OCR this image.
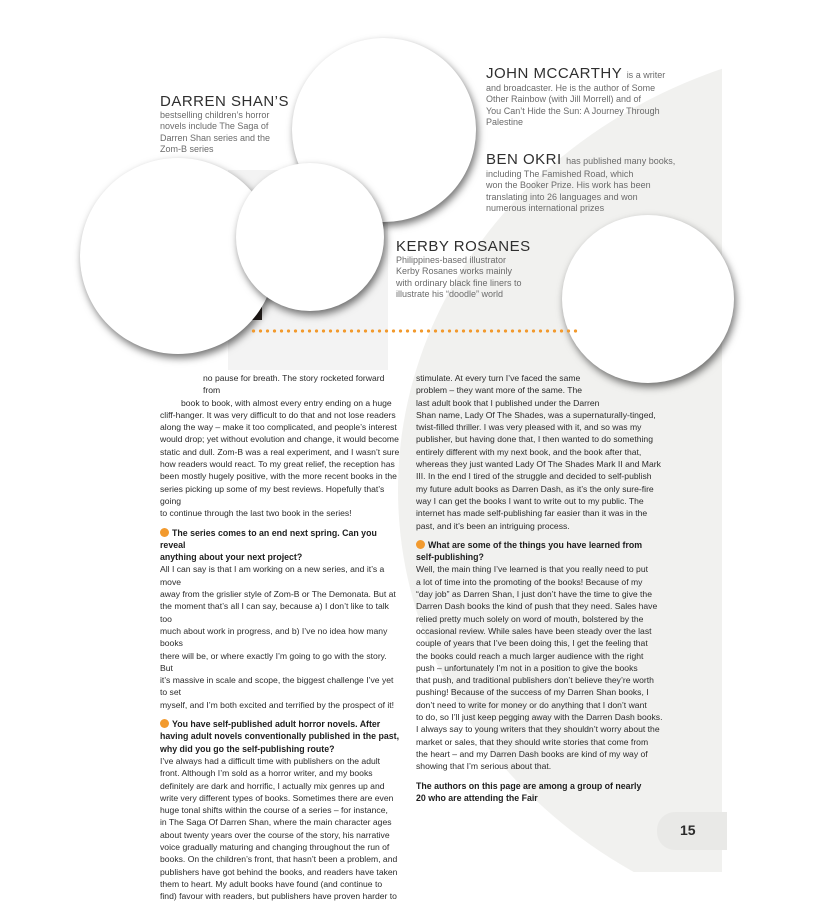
DARREN SHAN’S
bestselling children’s horror
novels include The Saga of
Darren Shan series and the
Zom-B series
JOHN MCCARTHY is a writer
and broadcaster. He is the author of Some
Other Rainbow (with Jill Morrell) and of
You Can’t Hide the Sun: A Journey Through
Palestine
BEN OKRI has published many books,
including The Famished Road, which
won the Booker Prize. His work has been
translating into 26 languages and won
numerous international prizes
KERBY ROSANES
Philippines-based illustrator
Kerby Rosanes works mainly
with ordinary black fine liners to
illustrate his “doodle” world

no pause for breath. The story rocketed forward from

book to book, with almost every entry ending on a huge

cliff-hanger. It was very difficult to do that and not lose readers

along the way – make it too complicated, and people’s interest

would drop; yet without evolution and change, it would become

static and dull. Zom-B was a real experiment, and I wasn’t sure

how readers would react. To my great relief, the reception has

been mostly hugely positive, with the more recent books in the

series picking up some of my best reviews. Hopefully that’s going

to continue through the last two book in the series!

The series comes to an end next spring. Can you reveal

anything about your next project?

All I can say is that I am working on a new series, and it’s a move

away from the grislier style of Zom-B or The Demonata. But at

the moment that’s all I can say, because a) I don’t like to talk too

much about work in progress, and b) I’ve no idea how many books

there will be, or where exactly I’m going to go with the story. But

it’s massive in scale and scope, the biggest challenge I’ve yet to set

myself, and I’m both excited and terrified by the prospect of it!

You have self-published adult horror novels. After

having adult novels conventionally published in the past,

why did you go the self-publishing route?

I’ve always had a difficult time with publishers on the adult

front. Although I’m sold as a horror writer, and my books

definitely are dark and horrific, I actually mix genres up and

write very different types of books. Sometimes there are even

huge tonal shifts within the course of a series – for instance,

in The Saga Of Darren Shan, where the main character ages

about twenty years over the course of the story, his narrative

voice gradually maturing and changing throughout the run of

books. On the children’s front, that hasn’t been a problem, and

publishers have got behind the books, and readers have taken

them to heart. My adult books have found (and continue to

find) favour with readers, but publishers have proven harder to

stimulate. At every turn I’ve faced the same

problem – they want more of the same. The

last adult book that I published under the Darren

Shan name, Lady Of The Shades, was a supernaturally-tinged,

twist-filled thriller. I was very pleased with it, and so was my

publisher, but having done that, I then wanted to do something

entirely different with my next book, and the book after that,

whereas they just wanted Lady Of The Shades Mark II and Mark

III. In the end I tired of the struggle and decided to self-publish

my future adult books as Darren Dash, as it’s the only sure-fire

way I can get the books I want to write out to my public. The

internet has made self-publishing far easier than it was in the

past, and it’s been an intriguing process.

What are some of the things you have learned from

self-publishing?

Well, the main thing I’ve learned is that you really need to put

a lot of time into the promoting of the books! Because of my

“day job” as Darren Shan, I just don’t have the time to give the

Darren Dash books the kind of push that they need. Sales have

relied pretty much solely on word of mouth, bolstered by the

occasional review. While sales have been steady over the last

couple of years that I’ve been doing this, I get the feeling that

the books could reach a much larger audience with the right

push – unfortunately I’m not in a position to give the books

that push, and traditional publishers don’t believe they’re worth

pushing! Because of the success of my Darren Shan books, I

don’t need to write for money or do anything that I don’t want

to do, so I’ll just keep pegging away with the Darren Dash books.

I always say to young writers that they shouldn’t worry about the

market or sales, that they should write stories that come from

the heart – and my Darren Dash books are kind of my way of

showing that I’m serious about that.

The authors on this page are among a group of nearly

20 who are attending the Fair

15
